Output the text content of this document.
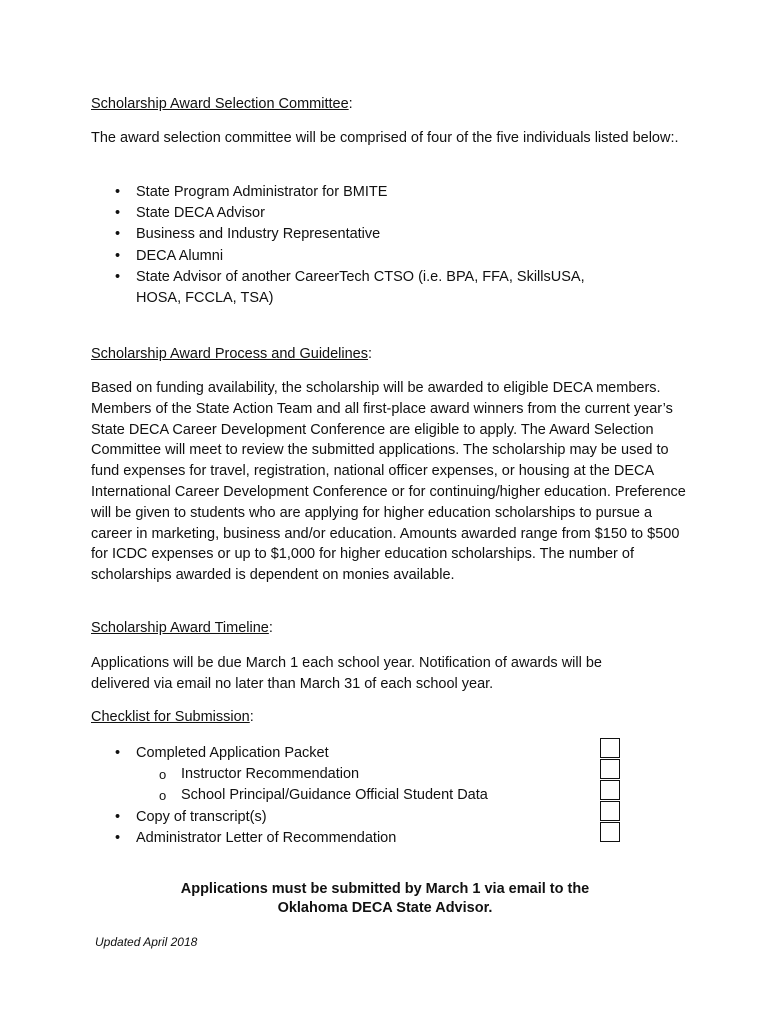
Scholarship Award Selection Committee:

The award selection committee will be comprised of four of the five individuals listed below:.

• State Program Administrator for BMITE
• State DECA Advisor
• Business and Industry Representative
• DECA Alumni
• State Advisor of another CareerTech CTSO (i.e. BPA, FFA, SkillsUSA, HOSA, FCCLA, TSA)
Scholarship Award Process and Guidelines:

Based on funding availability, the scholarship will be awarded to eligible DECA members. Members of the State Action Team and all first-place award winners from the current year’s State DECA Career Development Conference are eligible to apply. The Award Selection Committee will meet to review the submitted applications. The scholarship may be used to fund expenses for travel, registration, national officer expenses, or housing at the DECA International Career Development Conference or for continuing/higher education. Preference will be given to students who are applying for higher education scholarships to pursue a career in marketing, business and/or education. Amounts awarded range from $150 to $500 for ICDC expenses or up to $1,000 for higher education scholarships. The number of scholarships awarded is dependent on monies available.

Scholarship Award Timeline:

Applications will be due March 1 each school year. Notification of awards will be delivered via email no later than March 31 of each school year.

Checklist for Submission:
• Completed Application Packet
o Instructor Recommendation
o School Principal/Guidance Official Student Data
• Copy of transcript(s)
• Administrator Letter of Recommendation
Applications must be submitted by March 1 via email to the
Oklahoma DECA State Advisor.
Updated April 2018
